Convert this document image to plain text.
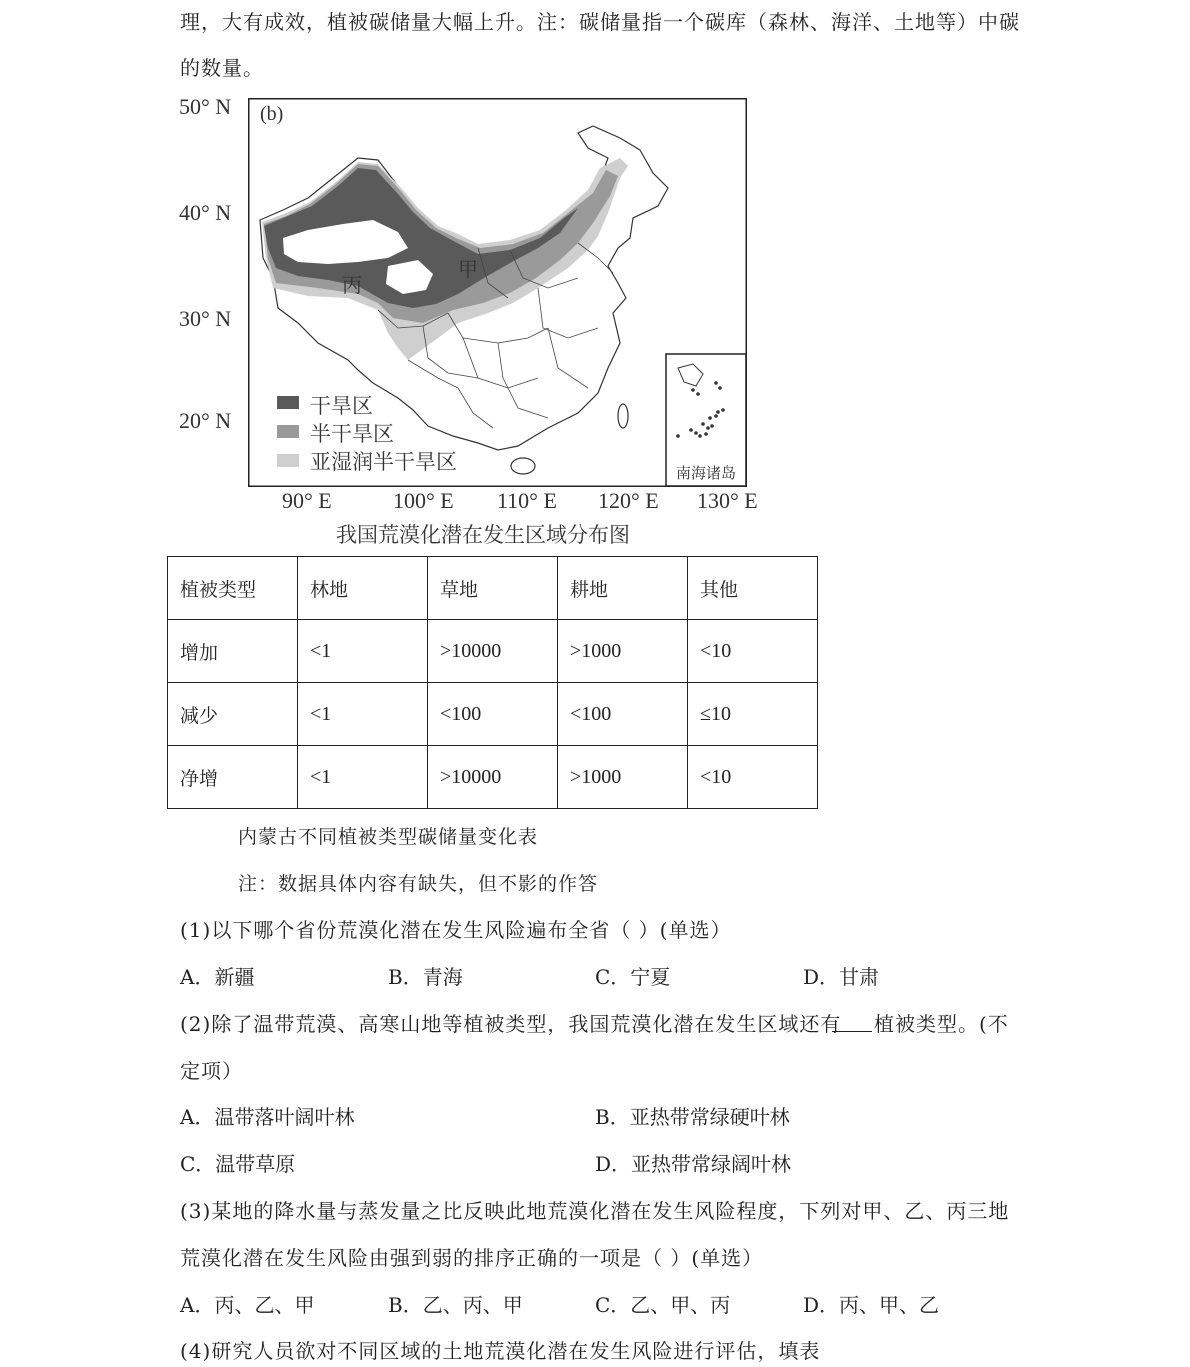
理，大有成效，植被碳储量大幅上升。注：碳储量指一个碳库（森林、海洋、土地等）中碳
的数量。
50° N
40° N
30° N
20° N
90° E	100° E 110° E 120° E 130° E
甲
丙
(b)
南海诸岛
干旱区
半干旱区
亚湿润半干旱区
我国荒漠化潜在发生区域分布图
植被类型	林地	草地	耕地	其他
增加	<1	>10000	>1000	<10
减少	<1	<100	<100	≤10
净增	<1	>10000	>1000	<10
内蒙古不同植被类型碳储量变化表
注：数据具体内容有缺失，但不影的作答
(1)以下哪个省份荒漠化潜在发生风险遍布全省（ ）(单选）
A．新疆	B．青海	C．宁夏	D．甘肃
(2)除了温带荒漠、高寒山地等植被类型，我国荒漠化潜在发生区域还有 植被类型。(不
定项）
A．温带落叶阔叶林	B．亚热带常绿硬叶林
C．温带草原	D．亚热带常绿阔叶林
(3)某地的降水量与蒸发量之比反映此地荒漠化潜在发生风险程度，下列对甲、乙、丙三地
荒漠化潜在发生风险由强到弱的排序正确的一项是（ ）(单选）
A．丙、乙、甲	B．乙、丙、甲	C．乙、甲、丙	D．丙、甲、乙
(4)研究人员欲对不同区域的土地荒漠化潜在发生风险进行评估，填表
